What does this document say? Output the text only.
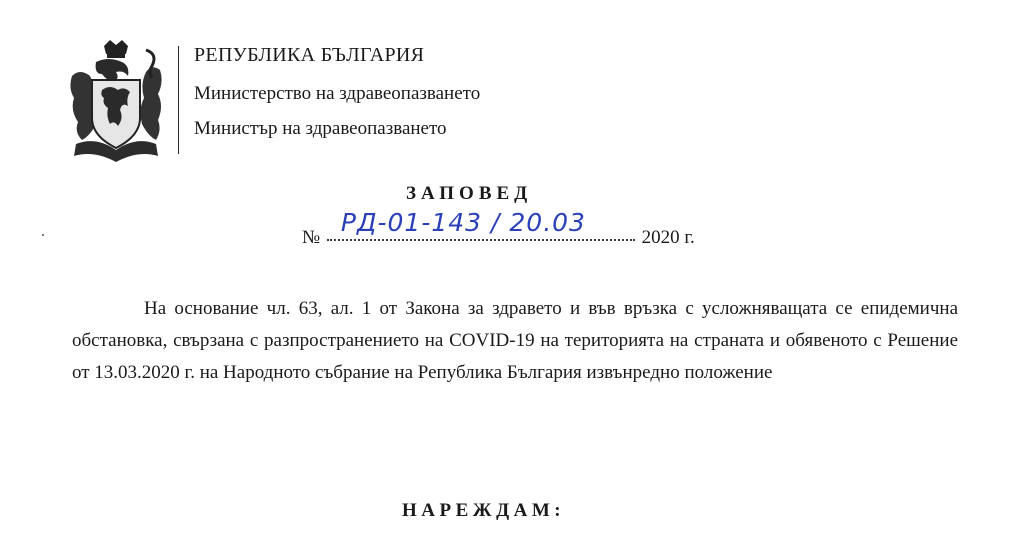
РЕПУБЛИКА БЪЛГАРИЯ
Министерство на здравеопазването
Министър на здравеопазването
ЗАПОВЕД
№
РД-01-143 / 20.03
2020 г.

На основание чл. 63, ал. 1 от Закона за здравето и във връзка с усложняващата се епидемична обстановка, свързана с разпространението на COVID-19 на територията на страната и обявеното с Решение от 13.03.2020 г. на Народното събрание на Република България извънредно положение

НАРЕЖДАМ:
